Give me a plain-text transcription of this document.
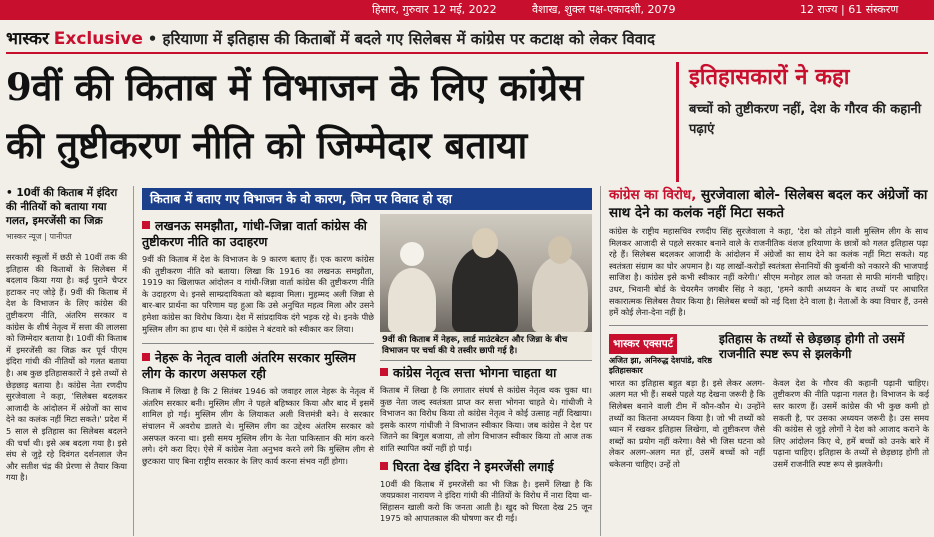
हिसार, गुरुवार 12 मई, 2022	वैशाख, शुक्ल पक्ष-एकादशी, 2079	12 राज्य | 61 संस्करण
भास्कर Exclusive • हरियाणा में इतिहास की किताबों में बदले गए सिलेबस में कांग्रेस पर कटाक्ष को लेकर विवाद
9वीं की किताब में विभाजन के लिए कांग्रेस
की तुष्टीकरण नीति को जिम्मेदार बताया
इतिहासकारों ने कहा
बच्चों को तुष्टीकरण नहीं, देश के गौरव की कहानी पढ़ाएं
• 10वीं की किताब में इंदिरा की नीतियों को बताया गया गलत, इमरजेंसी का जिक्र
भास्कर न्यूज | पानीपत
सरकारी स्कूलों में छठी से 10वीं तक की इतिहास की किताबों के सिलेबस में बदलाव किया गया है। कई पुराने चैप्टर हटाकर नए जोड़े हैं। 9वीं की किताब में देश के विभाजन के लिए कांग्रेस की तुष्टीकरण नीति, अंतरिम सरकार व कांग्रेस के शीर्ष नेतृत्व में सत्ता की लालसा को जिम्मेदार बताया है। 10वीं की किताब में इमरजेंसी का जिक्र कर पूर्व पीएम इंदिरा गांधी की नीतियों को गलत बताया है। अब कुछ इतिहासकारों ने इसे तथ्यों से छेड़छाड़ बताया है। कांग्रेस नेता रणदीप सुरजेवाला ने कहा, 'सिलेबस बदलकर आजादी के आंदोलन में अंग्रेजों का साथ देने का कलंक नहीं मिटा सकते।' प्रदेश में 5 साल से इतिहास का सिलेबस बदलने की चर्चा थी। इसे अब बदला गया है। इसे संघ से जुड़े रहे दिवंगत दर्शनलाल जैन और सतीश चंद्र की प्रेरणा से तैयार किया गया है।
किताब में बताए गए विभाजन के वो कारण, जिन पर विवाद हो रहा
लखनऊ समझौता, गांधी-जिन्ना वार्ता कांग्रेस की तुष्टीकरण नीति का उदाहरण
9वीं की किताब में देश के विभाजन के 9 कारण बताए हैं। एक कारण कांग्रेस की तुष्टीकरण नीति को बताया। लिखा कि 1916 का लखनऊ समझौता, 1919 का खिलाफत आंदोलन व गांधी-जिन्ना वार्ता कांग्रेस की तुष्टीकरण नीति के उदाहरण थे। इनसे साम्प्रदायिकता को बढ़ावा मिला। मुहम्मद अली जिन्ना से बार-बार प्रार्थना का परिणाम यह हुआ कि उसे अनुचित महत्व मिला और उसने हमेशा कांग्रेस का विरोध किया। देश में सांप्रदायिक दंगे भड़क रहे थे। इनके पीछे मुस्लिम लीग का हाथ था। ऐसे में कांग्रेस ने बंटवारे को स्वीकार कर लिया।
नेहरू के नेतृत्व वाली अंतरिम सरकार मुस्लिम लीग के कारण असफल रही
किताब में लिखा है कि 2 सितंबर 1946 को जवाहर लाल नेहरू के नेतृत्व में अंतरिम सरकार बनी। मुस्लिम लीग ने पहले बहिष्कार किया और बाद में इसमें शामिल हो गई। मुस्लिम लीग के लियाकत अली वित्तमंत्री बने। वे सरकार संचालन में अवरोध डालते थे। मुस्लिम लीग का उद्देश्य अंतरिम सरकार को असफल करना था। इसी समय मुस्लिम लीग के नेता पाकिस्तान की मांग करने लगे। दंगे करा दिए। ऐसे में कांग्रेस नेता अनुभव करने लगे कि मुस्लिम लीग से छुटकारा पाए बिना राष्ट्रीय सरकार के लिए कार्य करना संभव नहीं होगा।
9वीं की किताब में नेहरू, लार्ड माउंटबेटन और जिन्ना के बीच विभाजन पर चर्चा की ये तस्वीर छापी गई है।
कांग्रेस नेतृत्व सत्ता भोगना चाहता था
किताब में लिखा है कि लगातार संघर्ष से कांग्रेस नेतृत्व थक चुका था। कुछ नेता जल्द स्वतंत्रता प्राप्त कर सत्ता भोगना चाहते थे। गांधीजी ने विभाजन का विरोध किया तो कांग्रेस नेतृत्व ने कोई उत्साह नहीं दिखाया। इसके कारण गांधीजी ने विभाजन स्वीकार किया। जब कांग्रेस ने देश पर जितने का बिगुल बजाया, तो लोग विभाजन स्वीकार किया तो आज तक शांति स्थापित क्यों नहीं हो पाई।
घिरता देख इंदिरा ने इमरजेंसी लगाई
10वीं की किताब में इमरजेंसी का भी जिक्र है। इसमें लिखा है कि जयप्रकाश नारायण ने इंदिरा गांधी की नीतियों के विरोध में नारा दिया था- सिंहासन खाली करो कि जनता आती है। खुद को घिरता देख 25 जून 1975 को आपातकाल की घोषणा कर दी गई।
कांग्रेस का विरोध, सुरजेवाला बोले- सिलेबस बदल कर अंग्रेजों का साथ देने का कलंक नहीं मिटा सकते
कांग्रेस के राष्ट्रीय महासचिव रणदीप सिंह सुरजेवाला ने कहा, 'देश को तोड़ने वाली मुस्लिम लीग के साथ मिलकर आजादी से पहले सरकार बनाने वाले के राजनीतिक वंशज हरियाणा के छात्रों को गलत इतिहास पढ़ा रहे हैं। सिलेबस बदलकर आजादी के आंदोलन में अंग्रेजों का साथ देने का कलंक नहीं मिटा सकते। यह स्वतंत्रता संग्राम का घोर अपमान है। यह लाखों-करोड़ों स्वतंत्रता सेनानियों की कुर्बानी को नकारने की भाजपाई साजिश है। कांग्रेस इसे कभी स्वीकार नहीं करेगी।' सीएम मनोहर लाल को जनता से माफी मांगनी चाहिए। उधर, भिवानी बोर्ड के चेयरमैन जगबीर सिंह ने कहा, 'हमने कापी अध्ययन के बाद तथ्यों पर आधारित सकारात्मक सिलेबस तैयार किया है। सिलेबस बच्चों को नई दिशा देने वाला है। नेताओं के क्या विचार हैं, उनसे हमें कोई लेना-देना नहीं है।
भास्कर एक्सपर्ट
अजित झा, अनिरुद्ध देशपांडे, वरिष्ठ इतिहासकार
इतिहास के तथ्यों से छेड़छाड़ होगी तो उसमें राजनीति स्पष्ट रूप से झलकेगी
भारत का इतिहास बहुत बड़ा है। इसे लेकर अलग-अलग मत भी हैं। सबसे पहले यह देखना जरूरी है कि सिलेबस बनाने वाली टीम में कौन-कौन थे। उन्होंने तथ्यों का कितना अध्ययन किया है। जो भी तथ्यों को ध्यान में रखकर इतिहास लिखेगा, वो तुष्टीकरण जैसे शब्दों का प्रयोग नहीं करेगा। वैसे भी जिस घटना को लेकर अलग-अलग मत हों, उसमें बच्चों को नहीं धकेलना चाहिए। उन्हें तो
केवल देश के गौरव की कहानी पढ़ानी चाहिए। तुष्टीकरण की नीति पढ़ाना गलत है। विभाजन के कई स्तर कारण हैं। उसमें कांग्रेस की भी कुछ कमी हो सकती है, पर उसका अध्ययन जरूरी है। उस समय की कांग्रेस से जुड़े लोगों ने देश को आजाद कराने के लिए आंदोलन किए थे, हमें बच्चों को उनके बारे में पढ़ाना चाहिए। इतिहास के तथ्यों से छेड़छाड़ होगी तो उसमें राजनीति स्पष्ट रूप से झलकेगी।
